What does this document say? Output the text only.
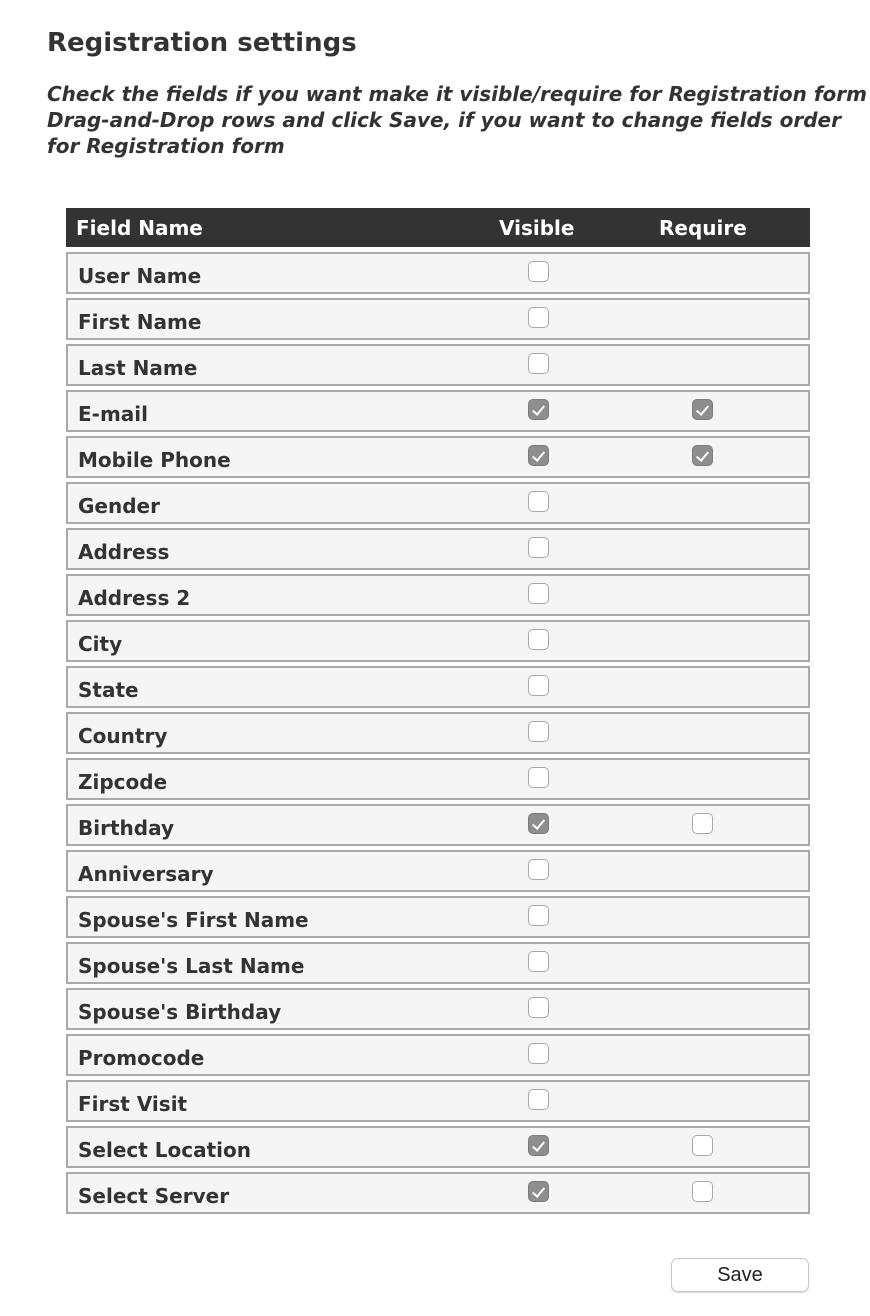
Registration settings
Check the fields if you want make it visible/require for Registration form
Drag-and-Drop rows and click Save, if you want to change fields order for Registration form
Field Name	Visible	Require
User Name
First Name
Last Name
E-mail
Mobile Phone
Gender
Address
Address 2
City
State
Country
Zipcode
Birthday
Anniversary
Spouse's First Name
Spouse's Last Name
Spouse's Birthday
Promocode
First Visit
Select Location
Select Server
Save
